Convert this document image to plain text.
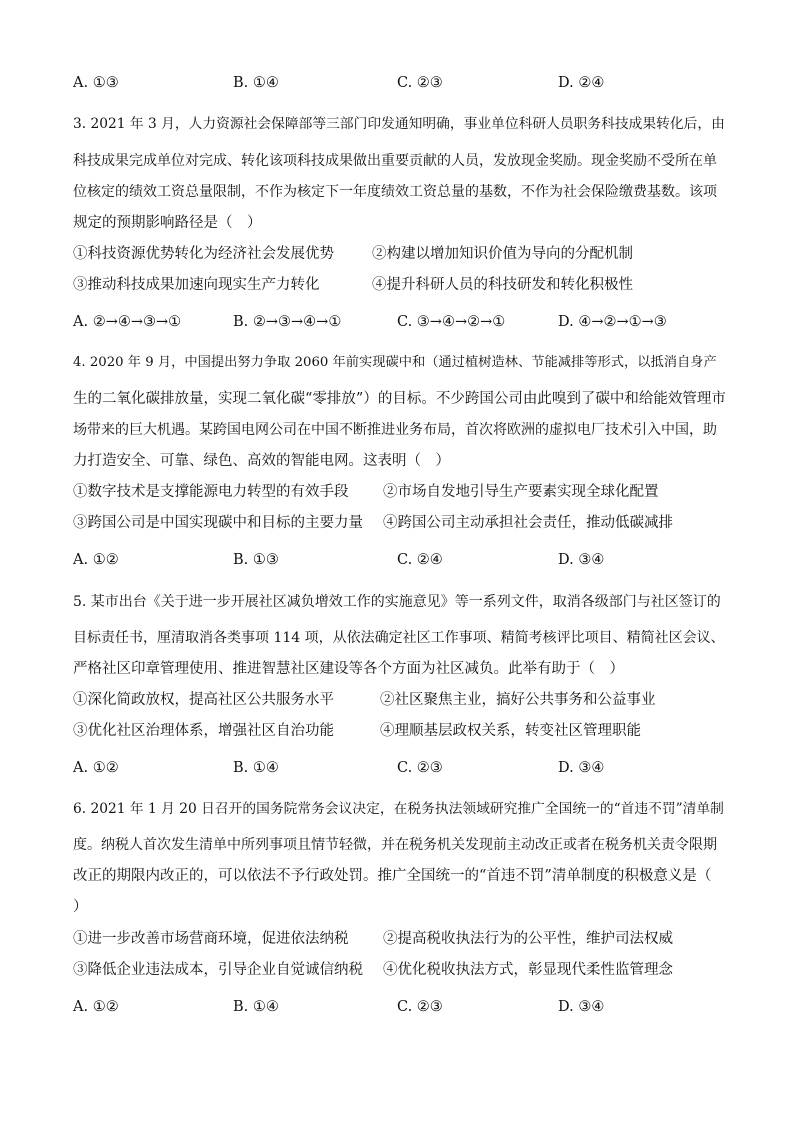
A. ①③	B. ①④	C. ②③	D. ②④
3. 2021 年 3 月，人力资源社会保障部等三部门印发通知明确，事业单位科研人员职务科技成果转化后，由
科技成果完成单位对完成、转化该项科技成果做出重要贡献的人员，发放现金奖励。现金奖励不受所在单
位核定的绩效工资总量限制，不作为核定下一年度绩效工资总量的基数，不作为社会保险缴费基数。该项
规定的预期影响路径是（　）
①科技资源优势转化为经济社会发展优势	②构建以增加知识价值为导向的分配机制
③推动科技成果加速向现实生产力转化	④提升科研人员的科技研发和转化积极性
A. ②→④→③→①	B. ②→③→④→①	C. ③→④→②→①	D. ④→②→①→③
4. 2020 年 9 月，中国提出努力争取 2060 年前实现碳中和（通过植树造林、节能减排等形式，以抵消自身产
生的二氧化碳排放量，实现二氧化碳“零排放”）的目标。不少跨国公司由此嗅到了碳中和给能效管理市
场带来的巨大机遇。某跨国电网公司在中国不断推进业务布局，首次将欧洲的虚拟电厂技术引入中国，助
力打造安全、可靠、绿色、高效的智能电网。这表明（　）
①数字技术是支撑能源电力转型的有效手段 ②市场自发地引导生产要素实现全球化配置
③跨国公司是中国实现碳中和目标的主要力量 ④跨国公司主动承担社会责任，推动低碳减排
A. ①②	B. ①③	C. ②④	D. ③④
5. 某市出台《关于进一步开展社区减负增效工作的实施意见》等一系列文件，取消各级部门与社区签订的
目标责任书，厘清取消各类事项 114 项，从依法确定社区工作事项、精简考核评比项目、精简社区会议、
严格社区印章管理使用、推进智慧社区建设等各个方面为社区减负。此举有助于（　）
①深化简政放权，提高社区公共服务水平	②社区聚焦主业，搞好公共事务和公益事业
③优化社区治理体系，增强社区自治功能	④理顺基层政权关系，转变社区管理职能
A. ①②	B. ①④	C. ②③	D. ③④
6. 2021 年 1 月 20 日召开的国务院常务会议决定，在税务执法领域研究推广全国统一的“首违不罚”清单制
度。纳税人首次发生清单中所列事项且情节轻微，并在税务机关发现前主动改正或者在税务机关责令限期
改正的期限内改正的，可以依法不予行政处罚。推广全国统一的“首违不罚”清单制度的积极意义是（
）
①进一步改善市场营商环境，促进依法纳税 ②提高税收执法行为的公平性，维护司法权威
③降低企业违法成本，引导企业自觉诚信纳税 ④优化税收执法方式，彰显现代柔性监管理念
A. ①②	B. ①④	C. ②③	D. ③④
